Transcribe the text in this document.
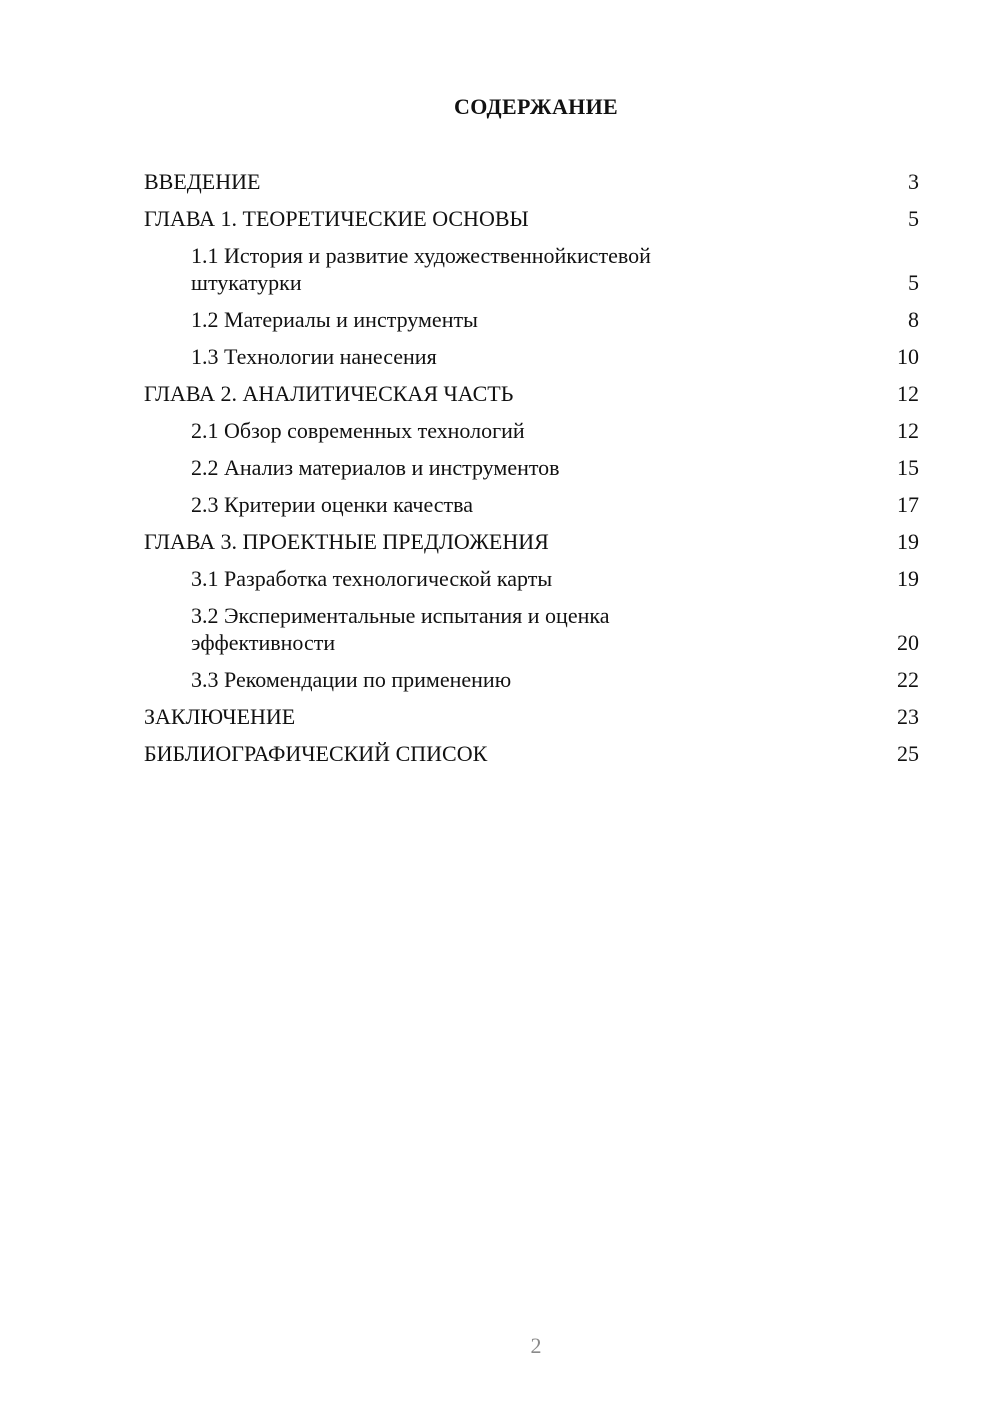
СОДЕРЖАНИЕ
ВВЕДЕНИЕ	3
ГЛАВА 1. ТЕОРЕТИЧЕСКИЕ ОСНОВЫ	5
1.1 История и развитие художественнойкистевой
штукатурки	5
1.2 Материалы и инструменты	8
1.3 Технологии нанесения	10
ГЛАВА 2. АНАЛИТИЧЕСКАЯ ЧАСТЬ	12
2.1 Обзор современных технологий	12
2.2 Анализ материалов и инструментов	15
2.3 Критерии оценки качества	17
ГЛАВА 3. ПРОЕКТНЫЕ ПРЕДЛОЖЕНИЯ	19
3.1 Разработка технологической карты	19
3.2 Экспериментальные испытания и оценка
эффективности	20
3.3 Рекомендации по применению	22
ЗАКЛЮЧЕНИЕ	23
БИБЛИОГРАФИЧЕСКИЙ СПИСОК	25
2
